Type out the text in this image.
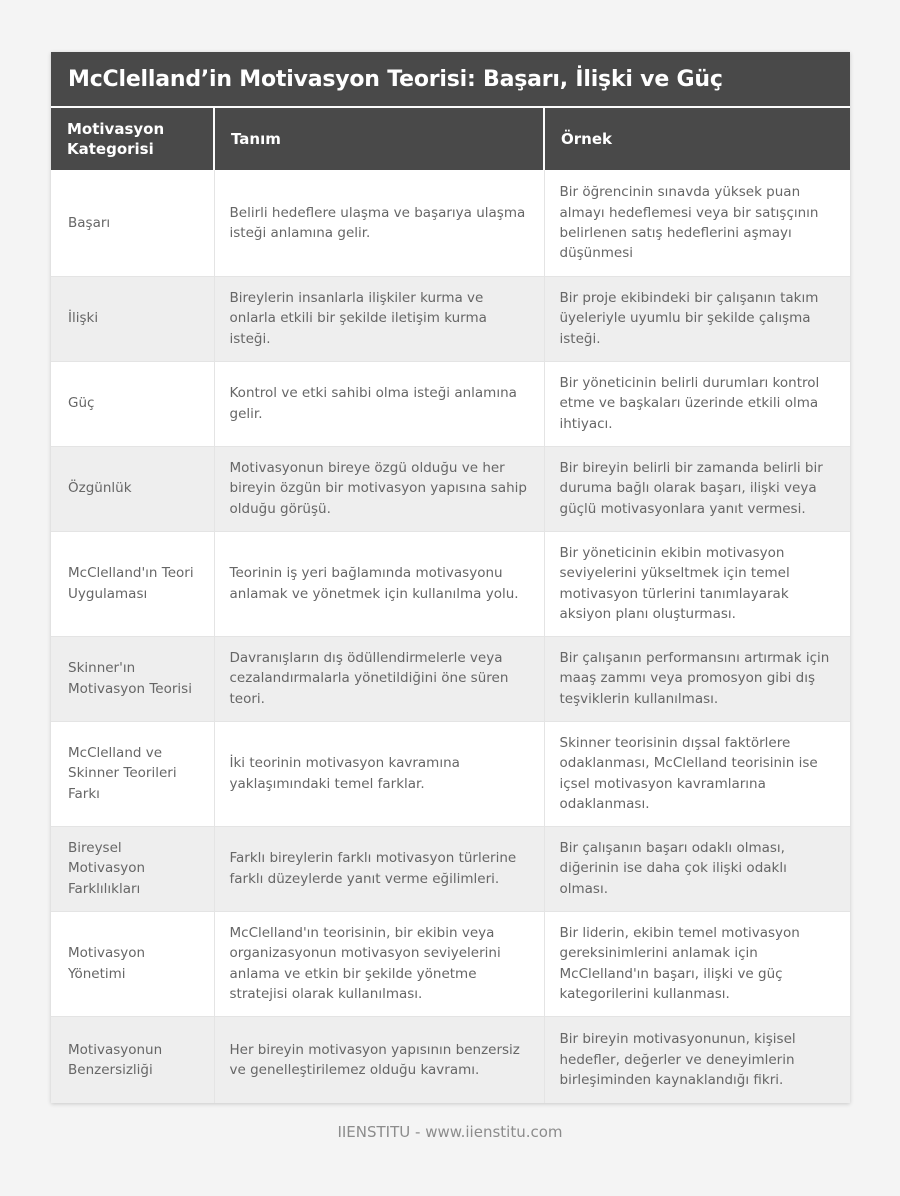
McClelland’in Motivasyon Teorisi: Başarı, İlişki ve Güç
Motivasyon Kategorisi	Tanım	Örnek
Başarı	Belirli hedeflere ulaşma ve başarıya ulaşma isteği anlamına gelir.	Bir öğrencinin sınavda yüksek puan almayı hedeflemesi veya bir satışçının belirlenen satış hedeflerini aşmayı düşünmesi
İlişki	Bireylerin insanlarla ilişkiler kurma ve onlarla etkili bir şekilde iletişim kurma isteği.	Bir proje ekibindeki bir çalışanın takım üyeleriyle uyumlu bir şekilde çalışma isteği.
Güç	Kontrol ve etki sahibi olma isteği anlamına gelir.	Bir yöneticinin belirli durumları kontrol etme ve başkaları üzerinde etkili olma ihtiyacı.
Özgünlük	Motivasyonun bireye özgü olduğu ve her bireyin özgün bir motivasyon yapısına sahip olduğu görüşü.	Bir bireyin belirli bir zamanda belirli bir duruma bağlı olarak başarı, ilişki veya güçlü motivasyonlara yanıt vermesi.
McClelland'ın Teori Uygulaması	Teorinin iş yeri bağlamında motivasyonu anlamak ve yönetmek için kullanılma yolu.	Bir yöneticinin ekibin motivasyon seviyelerini yükseltmek için temel motivasyon türlerini tanımlayarak aksiyon planı oluşturması.
Skinner'ın Motivasyon Teorisi	Davranışların dış ödüllendirmelerle veya cezalandırmalarla yönetildiğini öne süren teori.	Bir çalışanın performansını artırmak için maaş zammı veya promosyon gibi dış teşviklerin kullanılması.
McClelland ve Skinner Teorileri Farkı	İki teorinin motivasyon kavramına yaklaşımındaki temel farklar.	Skinner teorisinin dışsal faktörlere odaklanması, McClelland teorisinin ise içsel motivasyon kavramlarına odaklanması.
Bireysel Motivasyon Farklılıkları	Farklı bireylerin farklı motivasyon türlerine farklı düzeylerde yanıt verme eğilimleri.	Bir çalışanın başarı odaklı olması, diğerinin ise daha çok ilişki odaklı olması.
Motivasyon Yönetimi	McClelland'ın teorisinin, bir ekibin veya organizasyonun motivasyon seviyelerini anlama ve etkin bir şekilde yönetme stratejisi olarak kullanılması.	Bir liderin, ekibin temel motivasyon gereksinimlerini anlamak için McClelland'ın başarı, ilişki ve güç kategorilerini kullanması.
Motivasyonun Benzersizliği	Her bireyin motivasyon yapısının benzersiz ve genelleştirilemez olduğu kavramı.	Bir bireyin motivasyonunun, kişisel hedefler, değerler ve deneyimlerin birleşiminden kaynaklandığı fikri.
IIENSTITU - www.iienstitu.com
